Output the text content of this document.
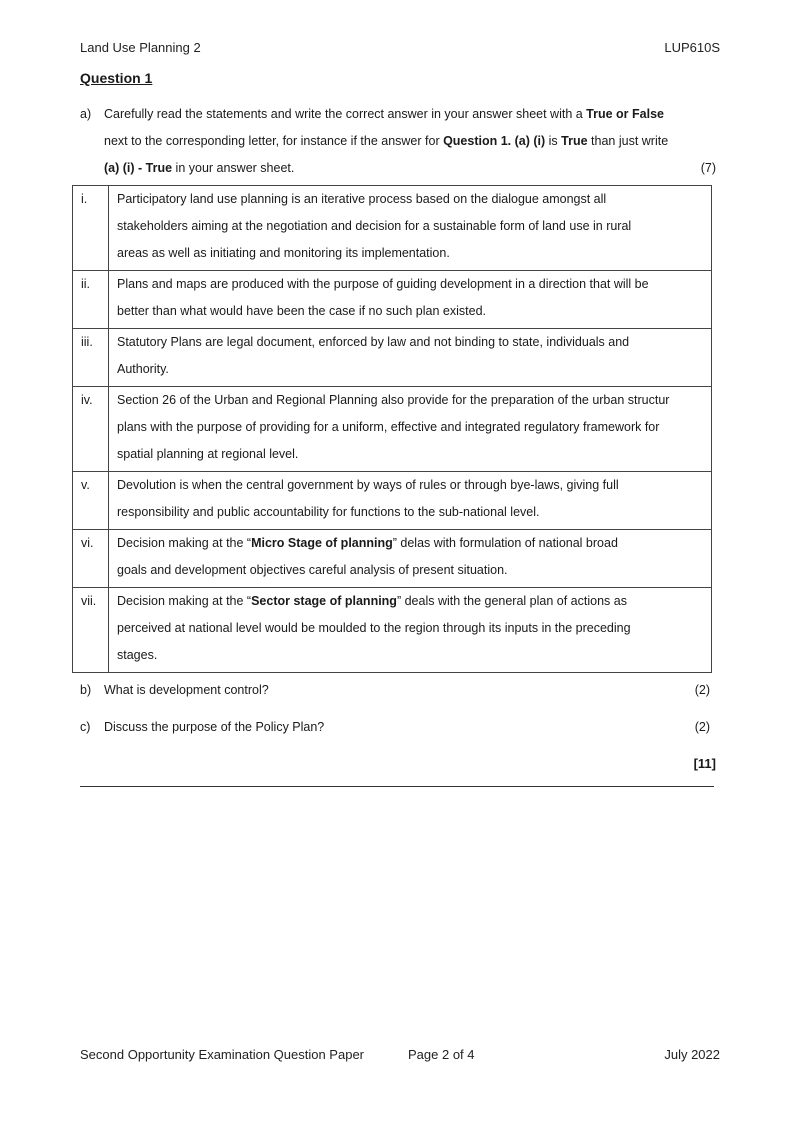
Land Use Planning 2	LUP610S
Question 1
a) Carefully read the statements and write the correct answer in your answer sheet with a True or False
next to the corresponding letter, for instance if the answer for Question 1. (a) (i) is True than just write
(a) (i) - True in your answer sheet.	(7)
i.	Participatory land use planning is an iterative process based on the dialogue amongst all
stakeholders aiming at the negotiation and decision for a sustainable form of land use in rural
areas as well as initiating and monitoring its implementation.

ii.	Plans and maps are produced with the purpose of guiding development in a direction that will be
better than what would have been the case if no such plan existed.

iii.	Statutory Plans are legal document, enforced by law and not binding to state, individuals and
Authority.

iv.	Section 26 of the Urban and Regional Planning also provide for the preparation of the urban structur
plans with the purpose of providing for a uniform, effective and integrated regulatory framework for
spatial planning at regional level.

v.	Devolution is when the central government by ways of rules or through bye-laws, giving full
responsibility and public accountability for functions to the sub-national level.

vi.	Decision making at the “Micro Stage of planning” delas with formulation of national broad
goals and development objectives careful analysis of present situation.

vii.	Decision making at the “Sector stage of planning” deals with the general plan of actions as
perceived at national level would be moulded to the region through its inputs in the preceding
stages.
b) What is development control?	(2)
c) Discuss the purpose of the Policy Plan?	(2)
[11]
Second Opportunity Examination Question Paper	Page 2 of 4	July 2022
